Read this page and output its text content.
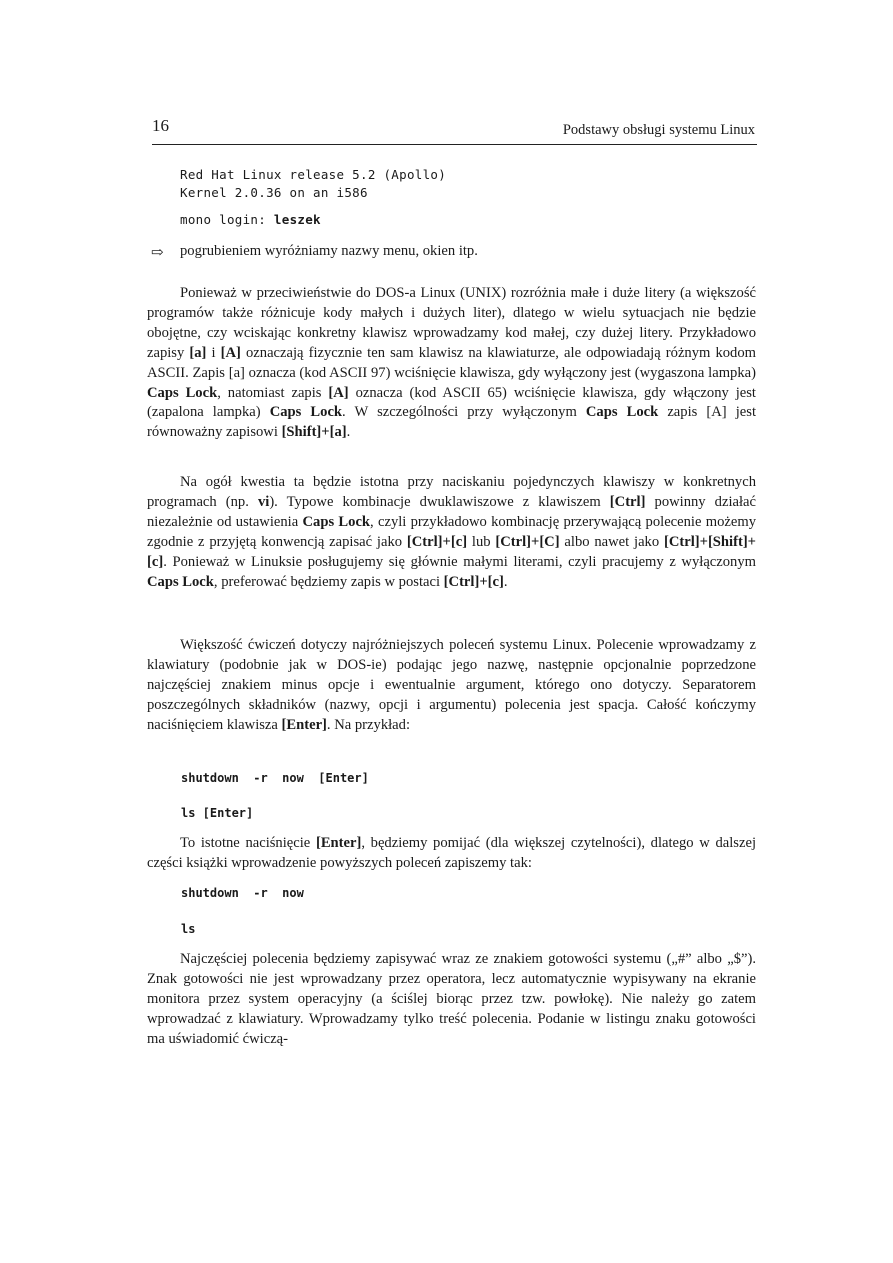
16	Podstawy obsługi systemu Linux
Red Hat Linux release 5.2 (Apollo)
Kernel 2.0.36 on an i586
mono login: leszek
⇨ pogrubieniem wyróżniamy nazwy menu, okien itp.
Ponieważ w przeciwieństwie do DOS-a Linux (UNIX) rozróżnia małe i duże litery (a większość programów także różnicuje kody małych i dużych liter), dlatego w wielu sytuacjach nie będzie obojętne, czy wciskając konkretny klawisz wprowadzamy kod małej, czy dużej litery. Przykładowo zapisy [a] i [A] oznaczają fizycznie ten sam klawisz na klawiaturze, ale odpowiadają różnym kodom ASCII. Zapis [a] oznacza (kod ASCII 97) wciśnięcie klawisza, gdy wyłączony jest (wygaszona lampka) Caps Lock, natomiast zapis [A] oznacza (kod ASCII 65) wciśnięcie klawisza, gdy włączony jest (zapalona lampka) Caps Lock. W szczególności przy wyłączonym Caps Lock zapis [A] jest równoważny zapisowi [Shift]+[a].
Na ogół kwestia ta będzie istotna przy naciskaniu pojedynczych klawiszy w konkretnych programach (np. vi). Typowe kombinacje dwuklawiszowe z klawiszem [Ctrl] powinny działać niezależnie od ustawienia Caps Lock, czyli przykładowo kombinację przerywającą polecenie możemy zgodnie z przyjętą konwencją zapisać jako [Ctrl]+[c] lub [Ctrl]+[C] albo nawet jako [Ctrl]+[Shift]+[c]. Ponieważ w Linuksie posługujemy się głównie małymi literami, czyli pracujemy z wyłączonym Caps Lock, preferować będziemy zapis w postaci [Ctrl]+[c].
Większość ćwiczeń dotyczy najróżniejszych poleceń systemu Linux. Polecenie wprowadzamy z klawiatury (podobnie jak w DOS-ie) podając jego nazwę, następnie opcjonalnie poprzedzone najczęściej znakiem minus opcje i ewentualnie argument, którego ono dotyczy. Separatorem poszczególnych składników (nazwy, opcji i argumentu) polecenia jest spacja. Całość kończymy naciśnięciem klawisza [Enter]. Na przykład:
shutdown  -r  now  [Enter]
ls [Enter]
To istotne naciśnięcie [Enter], będziemy pomijać (dla większej czytelności), dlatego w dalszej części książki wprowadzenie powyższych poleceń zapiszemy tak:
shutdown  -r  now
ls
Najczęściej polecenia będziemy zapisywać wraz ze znakiem gotowości systemu („#” albo „$”). Znak gotowości nie jest wprowadzany przez operatora, lecz automatycznie wypisywany na ekranie monitora przez system operacyjny (a ściślej biorąc przez tzw. powłokę). Nie należy go zatem wprowadzać z klawiatury. Wprowadzamy tylko treść polecenia. Podanie w listingu znaku gotowości ma uświadomić ćwiczą-
